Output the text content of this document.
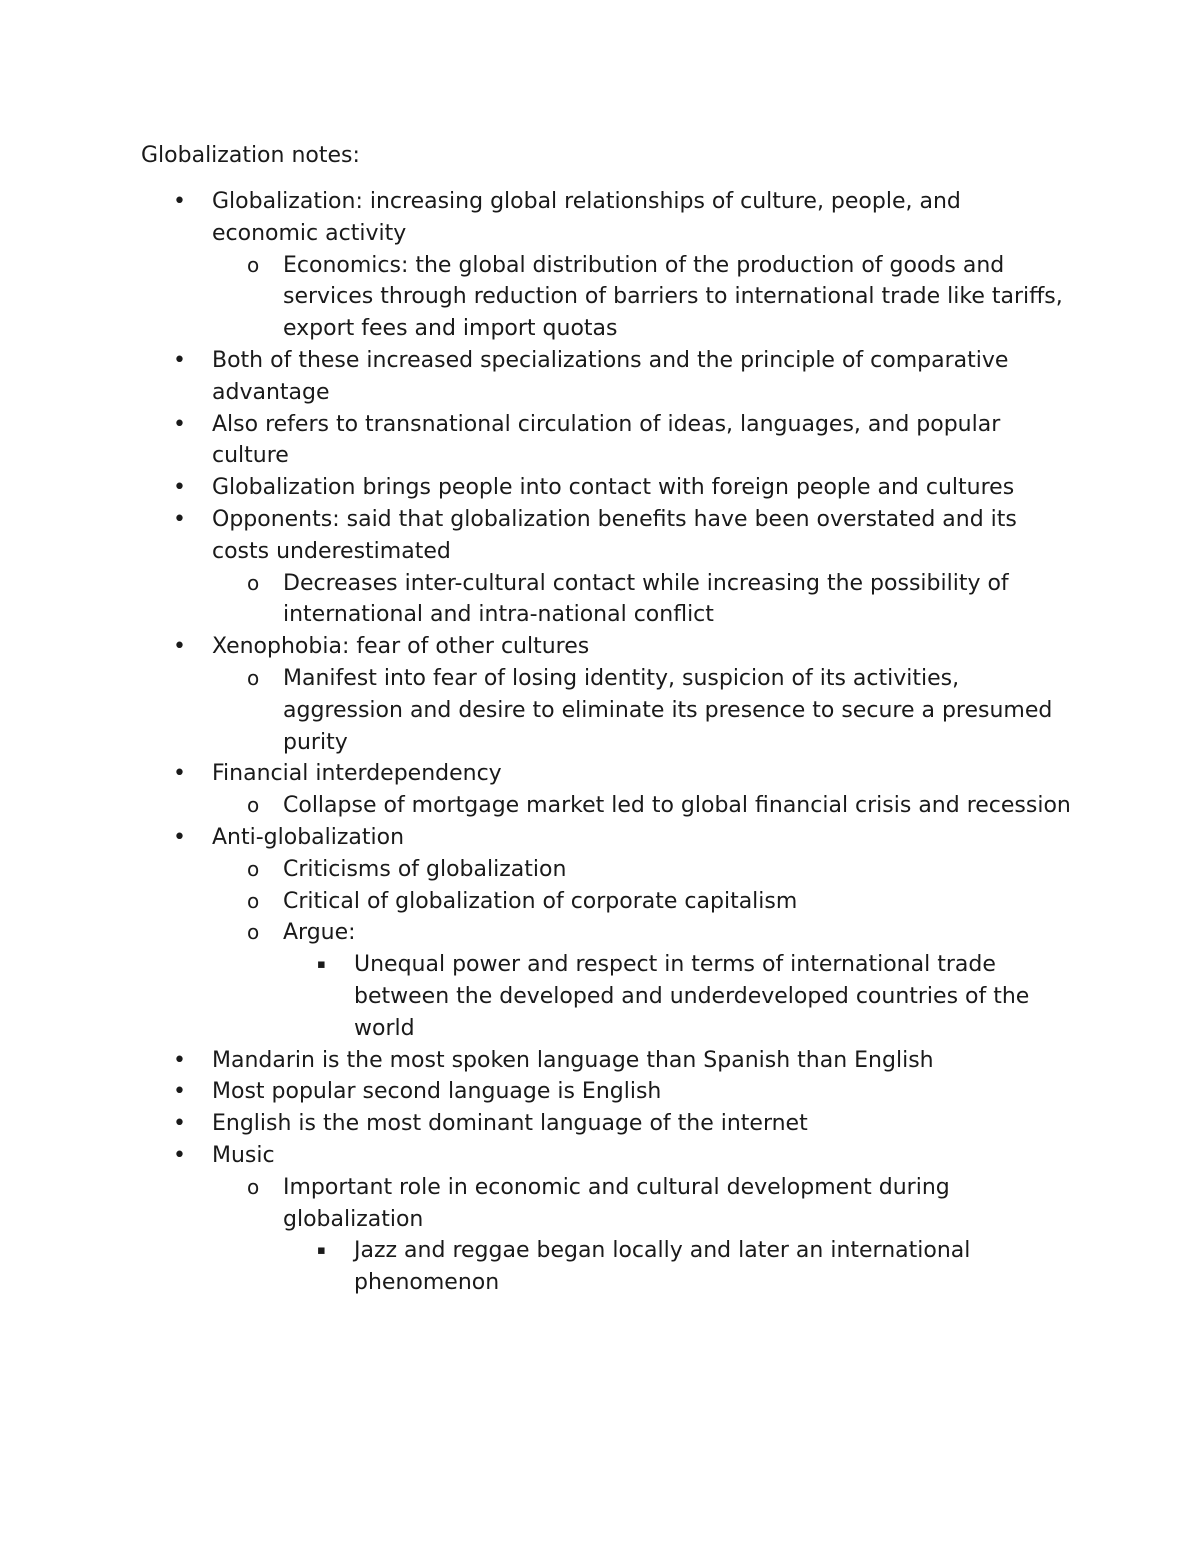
Globalization notes:
• Globalization: increasing global relationships of culture, people, and economic activity
o Economics: the global distribution of the production of goods and services through reduction of barriers to international trade like tariffs, export fees and import quotas
• Both of these increased specializations and the principle of comparative advantage
• Also refers to transnational circulation of ideas, languages, and popular culture
• Globalization brings people into contact with foreign people and cultures
• Opponents: said that globalization benefits have been overstated and its costs underestimated
o Decreases inter-cultural contact while increasing the possibility of international and intra-national conflict
• Xenophobia: fear of other cultures
o Manifest into fear of losing identity, suspicion of its activities, aggression and desire to eliminate its presence to secure a presumed purity
• Financial interdependency
o Collapse of mortgage market led to global financial crisis and recession
• Anti-globalization
o Criticisms of globalization
o Critical of globalization of corporate capitalism
o Argue:
▪ Unequal power and respect in terms of international trade between the developed and underdeveloped countries of the world
• Mandarin is the most spoken language than Spanish than English
• Most popular second language is English
• English is the most dominant language of the internet
• Music
o Important role in economic and cultural development during globalization
▪ Jazz and reggae began locally and later an international phenomenon
